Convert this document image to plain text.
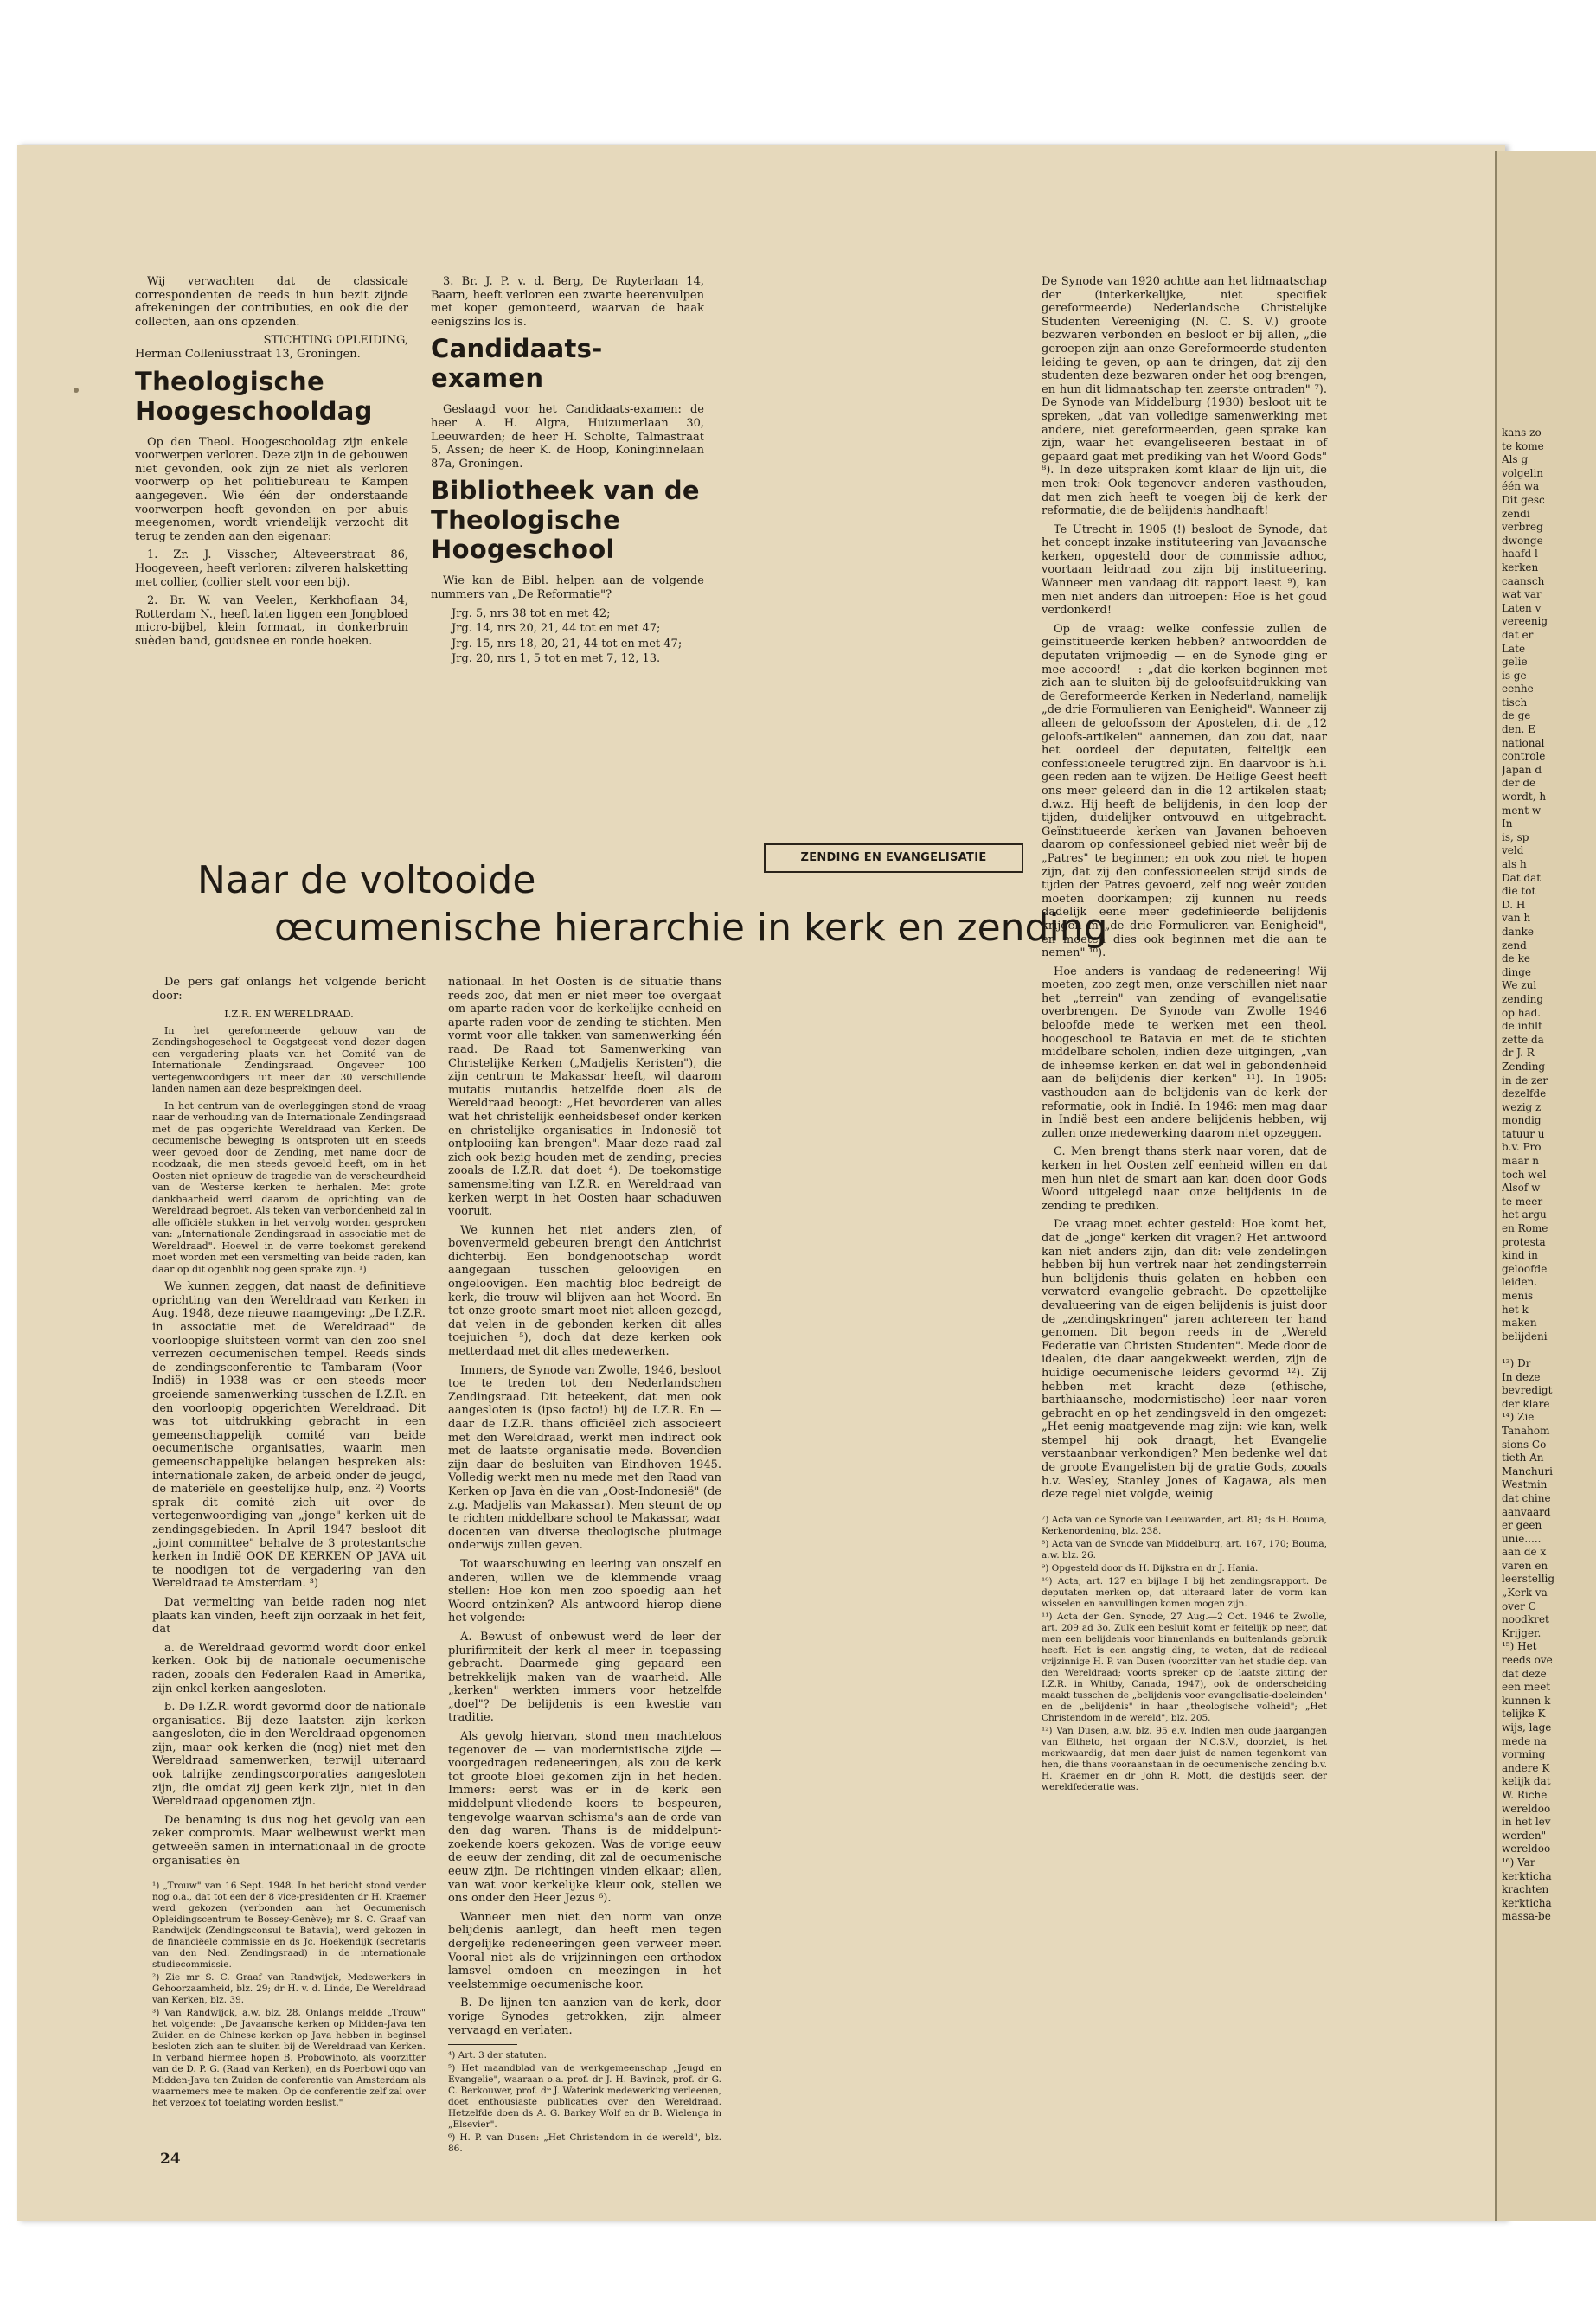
Wij verwachten dat de classicale correspondenten de reeds in hun bezit zijnde afrekeningen der contributies, en ook die der collecten, aan ons opzenden.

STICHTING OPLEIDING,
Herman Colleniusstraat 13, Groningen.
Theologische Hoogeschooldag

Op den Theol. Hoogeschooldag zijn enkele voorwerpen verloren. Deze zijn in de gebouwen niet gevonden, ook zijn ze niet als verloren voorwerp op het politiebureau te Kampen aangegeven. Wie één der onderstaande voorwerpen heeft gevonden en per abuis meegenomen, wordt vriendelijk verzocht dit terug te zenden aan den eigenaar:

1. Zr. J. Visscher, Alteveerstraat 86, Hoogeveen, heeft verloren: zilveren halsketting met collier, (collier stelt voor een bij).

2. Br. W. van Veelen, Kerkhoflaan 34, Rotterdam N., heeft laten liggen een Jongbloed micro-bijbel, klein formaat, in donkerbruin suèden band, goudsnee en ronde hoeken.

3. Br. J. P. v. d. Berg, De Ruyterlaan 14, Baarn, heeft verloren een zwarte heerenvulpen met koper gemonteerd, waarvan de haak eenigszins los is.

Candidaats-examen

Geslaagd voor het Candidaats-examen: de heer A. H. Algra, Huizumerlaan 30, Leeuwarden; de heer H. Scholte, Talmastraat 5, Assen; de heer K. de Hoop, Koninginnelaan 87a, Groningen.

Bibliotheek van de
Theologische Hoogeschool

Wie kan de Bibl. helpen aan de volgende nummers van „De Reformatie"?

Jrg. 5, nrs 38 tot en met 42;
Jrg. 14, nrs 20, 21, 44 tot en met 47;
Jrg. 15, nrs 18, 20, 21, 44 tot en met 47;
Jrg. 20, nrs 1, 5 tot en met 7, 12, 13.
ZENDING EN EVANGELISATIE
Naar de voltooide
œcumenische hierarchie in kerk en zending

De pers gaf onlangs het volgende bericht door:

I.Z.R. EN WERELDRAAD.

In het gereformeerde gebouw van de Zendingshogeschool te Oegstgeest vond dezer dagen een vergadering plaats van het Comité van de Internationale Zendingsraad. Ongeveer 100 vertegenwoordigers uit meer dan 30 verschillende landen namen aan deze besprekingen deel.

In het centrum van de overleggingen stond de vraag naar de verhouding van de Internationale Zendingsraad met de pas opgerichte Wereldraad van Kerken. De oecumenische beweging is ontsproten uit en steeds weer gevoed door de Zending, met name door de noodzaak, die men steeds gevoeld heeft, om in het Oosten niet opnieuw de tragedie van de verscheurdheid van de Westerse kerken te herhalen. Met grote dankbaarheid werd daarom de oprichting van de Wereldraad begroet. Als teken van verbondenheid zal in alle officiële stukken in het vervolg worden gesproken van: „Internationale Zendingsraad in associatie met de Wereldraad". Hoewel in de verre toekomst gerekend moet worden met een versmelting van beide raden, kan daar op dit ogenblik nog geen sprake zijn. ¹)

We kunnen zeggen, dat naast de definitieve oprichting van den Wereldraad van Kerken in Aug. 1948, deze nieuwe naamgeving: „De I.Z.R. in associatie met de Wereldraad" de voorloopige sluitsteen vormt van den zoo snel verrezen oecumenischen tempel. Reeds sinds de zendingsconferentie te Tambaram (Voor-Indië) in 1938 was er een steeds meer groeiende samenwerking tusschen de I.Z.R. en den voorloopig opgerichten Wereldraad. Dit was tot uitdrukking gebracht in een gemeenschappelijk comité van beide oecumenische organisaties, waarin men gemeenschappelijke belangen bespreken als: internationale zaken, de arbeid onder de jeugd, de materiële en geestelijke hulp, enz. ²) Voorts sprak dit comité zich uit over de vertegenwoordiging van „jonge" kerken uit de zendingsgebieden. In April 1947 besloot dit „joint committee" behalve de 3 protestantsche kerken in Indië OOK DE KERKEN OP JAVA uit te noodigen tot de vergadering van den Wereldraad te Amsterdam. ³)

Dat vermelting van beide raden nog niet plaats kan vinden, heeft zijn oorzaak in het feit, dat

a. de Wereldraad gevormd wordt door enkel kerken. Ook bij de nationale oecumenische raden, zooals den Federalen Raad in Amerika, zijn enkel kerken aangesloten.

b. De I.Z.R. wordt gevormd door de nationale organisaties. Bij deze laatsten zijn kerken aangesloten, die in den Wereldraad opgenomen zijn, maar ook kerken die (nog) niet met den Wereldraad samenwerken, terwijl uiteraard ook talrijke zendingscorporaties aangesloten zijn, die omdat zij geen kerk zijn, niet in den Wereldraad opgenomen zijn.

De benaming is dus nog het gevolg van een zeker compromis. Maar welbewust werkt men getweeën samen in internationaal in de groote organisaties èn

¹) „Trouw" van 16 Sept. 1948. In het bericht stond verder nog o.a., dat tot een der 8 vice-presidenten dr H. Kraemer werd gekozen (verbonden aan het Oecumenisch Opleidingscentrum te Bossey-Genève); mr S. C. Graaf van Randwijck (Zendingsconsul te Batavia), werd gekozen in de financiëele commissie en ds Jc. Hoekendijk (secretaris van den Ned. Zendingsraad) in de internationale studiecommissie.

²) Zie mr S. C. Graaf van Randwijck, Medewerkers in Gehoorzaamheid, blz. 29; dr H. v. d. Linde, De Wereldraad van Kerken, blz. 39.

³) Van Randwijck, a.w. blz. 28. Onlangs meldde „Trouw" het volgende: „De Javaansche kerken op Midden-Java ten Zuiden en de Chinese kerken op Java hebben in beginsel besloten zich aan te sluiten bij de Wereldraad van Kerken. In verband hiermee hopen B. Probowinoto, als voorzitter van de D. P. G. (Raad van Kerken), en ds Poerbowijogo van Midden-Java ten Zuiden de conferentie van Amsterdam als waarnemers mee te maken. Op de conferentie zelf zal over het verzoek tot toelating worden beslist."

nationaal. In het Oosten is de situatie thans reeds zoo, dat men er niet meer toe overgaat om aparte raden voor de kerkelijke eenheid en aparte raden voor de zending te stichten. Men vormt voor alle takken van samenwerking één raad. De Raad tot Samenwerking van Christelijke Kerken („Madjelis Keristen"), die zijn centrum te Makassar heeft, wil daarom mutatis mutandis hetzelfde doen als de Wereldraad beoogt: „Het bevorderen van alles wat het christelijk eenheidsbesef onder kerken en christelijke organisaties in Indonesië tot ontplooiing kan brengen". Maar deze raad zal zich ook bezig houden met de zending, precies zooals de I.Z.R. dat doet ⁴). De toekomstige samensmelting van I.Z.R. en Wereldraad van kerken werpt in het Oosten haar schaduwen vooruit.

We kunnen het niet anders zien, of bovenvermeld gebeuren brengt den Antichrist dichterbij. Een bondgenootschap wordt aangegaan tusschen geloovigen en ongeloovigen. Een machtig bloc bedreigt de kerk, die trouw wil blijven aan het Woord. En tot onze groote smart moet niet alleen gezegd, dat velen in de gebonden kerken dit alles toejuichen ⁵), doch dat deze kerken ook metterdaad met dit alles medewerken.

Immers, de Synode van Zwolle, 1946, besloot toe te treden tot den Nederlandschen Zendingsraad. Dit beteekent, dat men ook aangesloten is (ipso facto!) bij de I.Z.R. En — daar de I.Z.R. thans officiëel zich associeert met den Wereldraad, werkt men indirect ook met de laatste organisatie mede. Bovendien zijn daar de besluiten van Eindhoven 1945. Volledig werkt men nu mede met den Raad van Kerken op Java èn die van „Oost-Indonesië" (de z.g. Madjelis van Makassar). Men steunt de op te richten middelbare school te Makassar, waar docenten van diverse theologische pluimage onderwijs zullen geven.

Tot waarschuwing en leering van onszelf en anderen, willen we de klemmende vraag stellen: Hoe kon men zoo spoedig aan het Woord ontzinken? Als antwoord hierop diene het volgende:

A. Bewust of onbewust werd de leer der plurifirmiteit der kerk al meer in toepassing gebracht. Daarmede ging gepaard een betrekkelijk maken van de waarheid. Alle „kerken" werkten immers voor hetzelfde „doel"? De belijdenis is een kwestie van traditie.

Als gevolg hiervan, stond men machteloos tegenover de — van modernistische zijde — voorgedragen redeneeringen, als zou de kerk tot groote bloei gekomen zijn in het heden. Immers: eerst was er in de kerk een middelpunt-vliedende koers te bespeuren, tengevolge waarvan schisma's aan de orde van den dag waren. Thans is de middelpunt-zoekende koers gekozen. Was de vorige eeuw de eeuw der zending, dit zal de oecumenische eeuw zijn. De richtingen vinden elkaar; allen, van wat voor kerkelijke kleur ook, stellen we ons onder den Heer Jezus ⁶).

Wanneer men niet den norm van onze belijdenis aanlegt, dan heeft men tegen dergelijke redeneeringen geen verweer meer. Vooral niet als de vrijzinningen een orthodox lamsvel omdoen en meezingen in het veelstemmige oecumenische koor.

B. De lijnen ten aanzien van de kerk, door vorige Synodes getrokken, zijn almeer vervaagd en verlaten.

⁴) Art. 3 der statuten.

⁵) Het maandblad van de werkgemeenschap „Jeugd en Evangelie", waaraan o.a. prof. dr J. H. Bavinck, prof. dr G. C. Berkouwer, prof. dr J. Waterink medewerking verleenen, doet enthousiaste publicaties over den Wereldraad. Hetzelfde doen ds A. G. Barkey Wolf en dr B. Wielenga in „Elsevier".

⁶) H. P. van Dusen: „Het Christendom in de wereld", blz. 86.

De Synode van 1920 achtte aan het lidmaatschap der (interkerkelijke, niet specifiek gereformeerde) Nederlandsche Christelijke Studenten Vereeniging (N. C. S. V.) groote bezwaren verbonden en besloot er bij allen, „die geroepen zijn aan onze Gereformeerde studenten leiding te geven, op aan te dringen, dat zij den studenten deze bezwaren onder het oog brengen, en hun dit lidmaatschap ten zeerste ontraden" ⁷). De Synode van Middelburg (1930) besloot uit te spreken, „dat van volledige samenwerking met andere, niet gereformeerden, geen sprake kan zijn, waar het evangeliseeren bestaat in of gepaard gaat met prediking van het Woord Gods" ⁸). In deze uitspraken komt klaar de lijn uit, die men trok: Ook tegenover anderen vasthouden, dat men zich heeft te voegen bij de kerk der reformatie, die de belijdenis handhaaft!

Te Utrecht in 1905 (!) besloot de Synode, dat het concept inzake instituteering van Javaansche kerken, opgesteld door de commissie adhoc, voortaan leidraad zou zijn bij institueering. Wanneer men vandaag dit rapport leest ⁹), kan men niet anders dan uitroepen: Hoe is het goud verdonkerd!

Op de vraag: welke confessie zullen de geinstitueerde kerken hebben? antwoordden de deputaten vrijmoedig — en de Synode ging er mee accoord! —: „dat die kerken beginnen met zich aan te sluiten bij de geloofsuitdrukking van de Gereformeerde Kerken in Nederland, namelijk „de drie Formulieren van Eenigheid". Wanneer zij alleen de geloofssom der Apostelen, d.i. de „12 geloofs-artikelen" aannemen, dan zou dat, naar het oordeel der deputaten, feitelijk een confessioneele terugtred zijn. En daarvoor is h.i. geen reden aan te wijzen. De Heilige Geest heeft ons meer geleerd dan in die 12 artikelen staat; d.w.z. Hij heeft de belijdenis, in den loop der tijden, duidelijker ontvouwd en uitgebracht. Geïnstitueerde kerken van Javanen behoeven daarom op confessioneel gebied niet weêr bij de „Patres" te beginnen; en ook zou niet te hopen zijn, dat zij den confessioneelen strijd sinds de tijden der Patres gevoerd, zelf nog weêr zouden moeten doorkampen; zij kunnen nu reeds dadelijk eene meer gedefinieerde belijdenis krijgen in „de drie Formulieren van Eenigheid", en moeten dies ook beginnen met die aan te nemen" ¹⁰).

Hoe anders is vandaag de redeneering! Wij moeten, zoo zegt men, onze verschillen niet naar het „terrein" van zending of evangelisatie overbrengen. De Synode van Zwolle 1946 beloofde mede te werken met een theol. hoogeschool te Batavia en met de te stichten middelbare scholen, indien deze uitgingen, „van de inheemse kerken en dat wel in gebondenheid aan de belijdenis dier kerken" ¹¹). In 1905: vasthouden aan de belijdenis van de kerk der reformatie, ook in Indië. In 1946: men mag daar in Indië best een andere belijdenis hebben, wij zullen onze medewerking daarom niet opzeggen.

C. Men brengt thans sterk naar voren, dat de kerken in het Oosten zelf eenheid willen en dat men hun niet de smart aan kan doen door Gods Woord uitgelegd naar onze belijdenis in de zending te prediken.

De vraag moet echter gesteld: Hoe komt het, dat de „jonge" kerken dit vragen? Het antwoord kan niet anders zijn, dan dit: vele zendelingen hebben bij hun vertrek naar het zendingsterrein hun belijdenis thuis gelaten en hebben een verwaterd evangelie gebracht. De opzettelijke devalueering van de eigen belijdenis is juist door de „zendingskringen" jaren achtereen ter hand genomen. Dit begon reeds in de „Wereld Federatie van Christen Studenten". Mede door de idealen, die daar aangekweekt werden, zijn de huidige oecumenische leiders gevormd ¹²). Zij hebben met kracht deze (ethische, barthiaansche, modernistische) leer naar voren gebracht en op het zendingsveld in den omgezet: „Het eenig maatgevende mag zijn: wie kan, welk stempel hij ook draagt, het Evangelie verstaanbaar verkondigen? Men bedenke wel dat de groote Evangelisten bij de gratie Gods, zooals b.v. Wesley, Stanley Jones of Kagawa, als men deze regel niet volgde, weinig

⁷) Acta van de Synode van Leeuwarden, art. 81; ds H. Bouma, Kerkenordening, blz. 238.

⁸) Acta van de Synode van Middelburg, art. 167, 170; Bouma, a.w. blz. 26.

⁹) Opgesteld door ds H. Dijkstra en dr J. Hania.

¹⁰) Acta, art. 127 en bijlage I bij het zendingsrapport. De deputaten merken op, dat uiteraard later de vorm kan wisselen en aanvullingen komen mogen zijn.

¹¹) Acta der Gen. Synode, 27 Aug.—2 Oct. 1946 te Zwolle, art. 209 ad 3o. Zulk een besluit komt er feitelijk op neer, dat men een belijdenis voor binnenlands en buitenlands gebruik heeft. Het is een angstig ding, te weten, dat de radicaal vrijzinnige H. P. van Dusen (voorzitter van het studie dep. van den Wereldraad; voorts spreker op de laatste zitting der I.Z.R. in Whitby, Canada, 1947), ook de onderscheiding maakt tusschen de „belijdenis voor evangelisatie-doeleinden" en de „belijdenis" in haar „theologische volheid"; „Het Christendom in de wereld", blz. 205.

¹²) Van Dusen, a.w. blz. 95 e.v. Indien men oude jaargangen van Eltheto, het orgaan der N.C.S.V., doorziet, is het merkwaardig, dat men daar juist de namen tegenkomt van hen, die thans vooraanstaan in de oecumenische zending b.v. H. Kraemer en dr John R. Mott, die destijds seer. der wereldfederatie was.

24
kans zo
te kome
Als g
volgelin
één wa
Dit gesc
zendi
verbreg
dwonge
haafd l
kerken
caansch
wat var
Laten v
vereenig
dat er
Late
gelie
is ge
eenhe
tisch
de ge
den. E
national
controle
Japan d
der de
wordt, h
ment w
In
is, sp
veld
als h
Dat dat
die tot
D. H
van h
danke
zend
de ke
dinge
We zul
zending
op had.
de infilt
zette da
dr J. R
Zending
in de zer
dezelfde
wezig z
mondig
tatuur u
b.v. Pro
maar n
toch wel
Alsof w
te meer
het argu
en Rome
protesta
kind in
geloofde
leiden.
menis
het k
maken
belijdeni

¹³) Dr
In deze
bevredigt
der klare
¹⁴) Zie
Tanahom
sions Co
tieth An
Manchuri
Westmin
dat chine
aanvaard
er geen
unie.....
aan de x
varen en
leerstellig
„Kerk va
over C
noodkret
Krijger.
¹⁵) Het
reeds ove
dat deze
een meet
kunnen k
telijke K
wijs, lage
mede na
vorming
andere K
kelijk dat
W. Riche
wereldoo
in het lev
werden"
wereldoo
¹⁶) Var
kerkticha
krachten
kerkticha
massa-be
